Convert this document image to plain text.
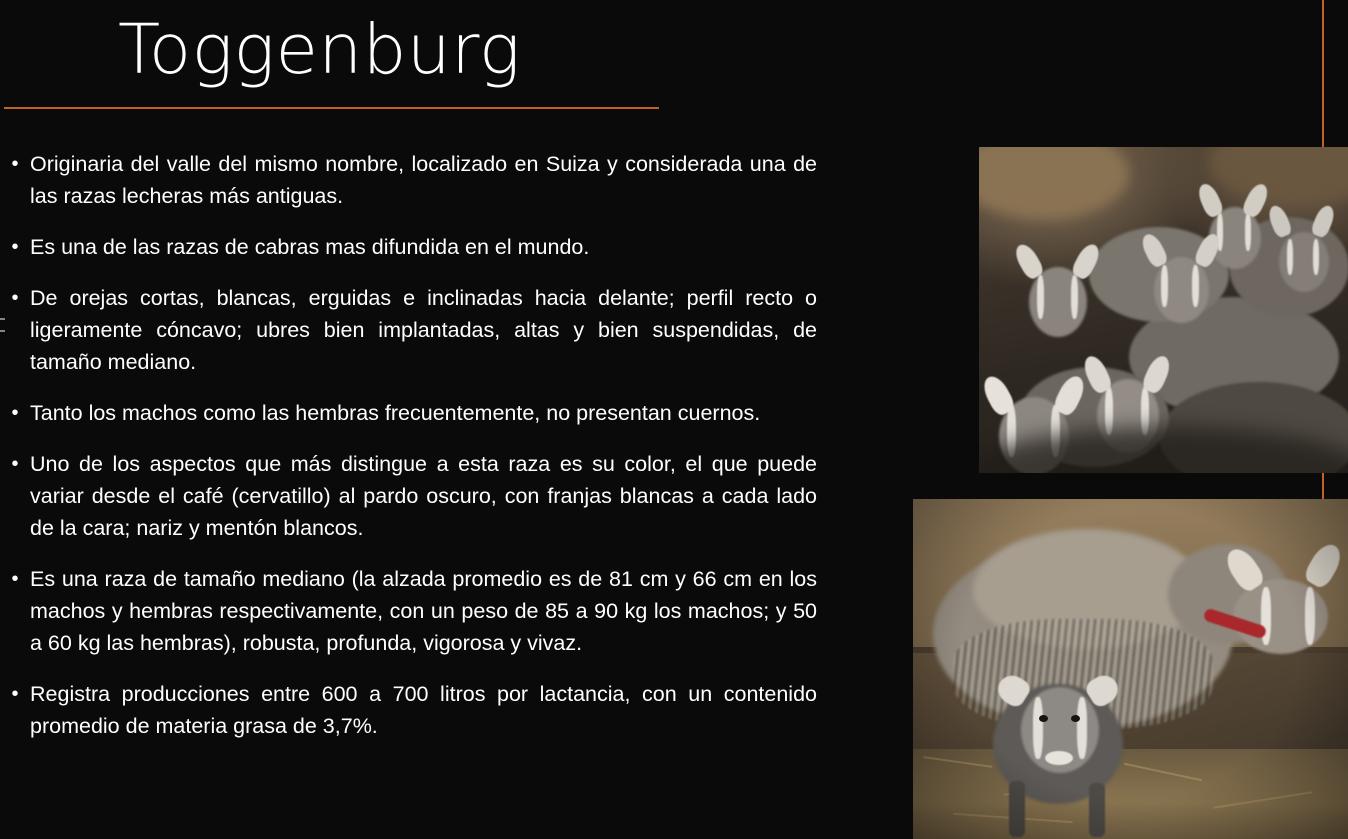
Toggenburg
• Originaria del valle del mismo nombre, localizado en Suiza y considerada una de las razas lecheras más antiguas.
• Es una de las razas de cabras mas difundida en el mundo.
• De orejas cortas, blancas, erguidas e inclinadas hacia delante; perfil recto o ligeramente cóncavo; ubres bien implantadas, altas y bien suspendidas, de tamaño mediano.
• Tanto los machos como las hembras frecuentemente, no presentan cuernos.
• Uno de los aspectos que más distingue a esta raza es su color, el que puede variar desde el café (cervatillo) al pardo oscuro, con franjas blancas a cada lado de la cara; nariz y mentón blancos.
• Es una raza de tamaño mediano (la alzada promedio es de 81 cm y 66 cm en los machos y hembras respectivamente, con un peso de 85 a 90 kg los machos; y 50 a 60 kg las hembras), robusta, profunda, vigorosa y vivaz.
• Registra producciones entre 600 a 700 litros por lactancia, con un contenido promedio de materia grasa de 3,7%.
